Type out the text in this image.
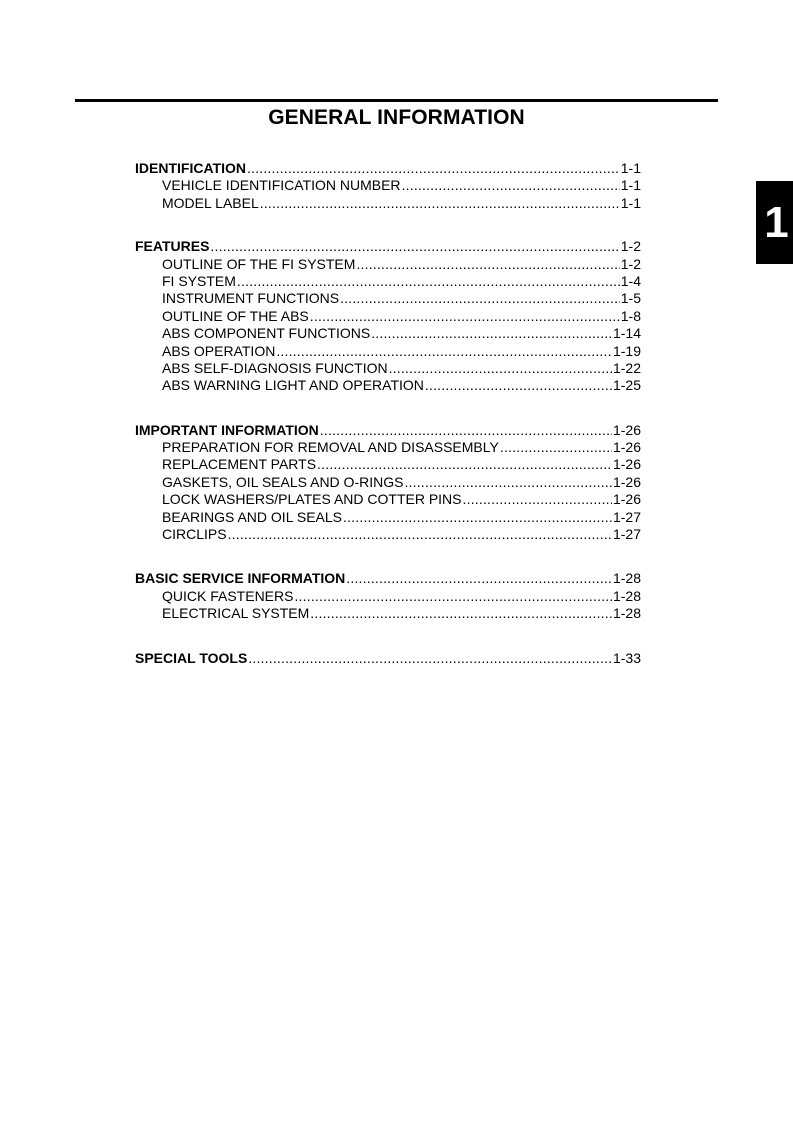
GENERAL INFORMATION
1
IDENTIFICATION .....	1-1
VEHICLE IDENTIFICATION NUMBER .....	1-1
MODEL LABEL .....	1-1
FEATURES .....	1-2
OUTLINE OF THE FI SYSTEM .....	1-2
FI SYSTEM .....	1-4
INSTRUMENT FUNCTIONS .....	1-5
OUTLINE OF THE ABS .....	1-8
ABS COMPONENT FUNCTIONS .....	1-14
ABS OPERATION .....	1-19
ABS SELF-DIAGNOSIS FUNCTION .....	1-22
ABS WARNING LIGHT AND OPERATION .....	1-25
IMPORTANT INFORMATION .....	1-26
PREPARATION FOR REMOVAL AND DISASSEMBLY .....	1-26
REPLACEMENT PARTS .....	1-26
GASKETS, OIL SEALS AND O-RINGS .....	1-26
LOCK WASHERS/PLATES AND COTTER PINS .....	1-26
BEARINGS AND OIL SEALS .....	1-27
CIRCLIPS .....	1-27
BASIC SERVICE INFORMATION .....	1-28
QUICK FASTENERS .....	1-28
ELECTRICAL SYSTEM .....	1-28
SPECIAL TOOLS .....	1-33
